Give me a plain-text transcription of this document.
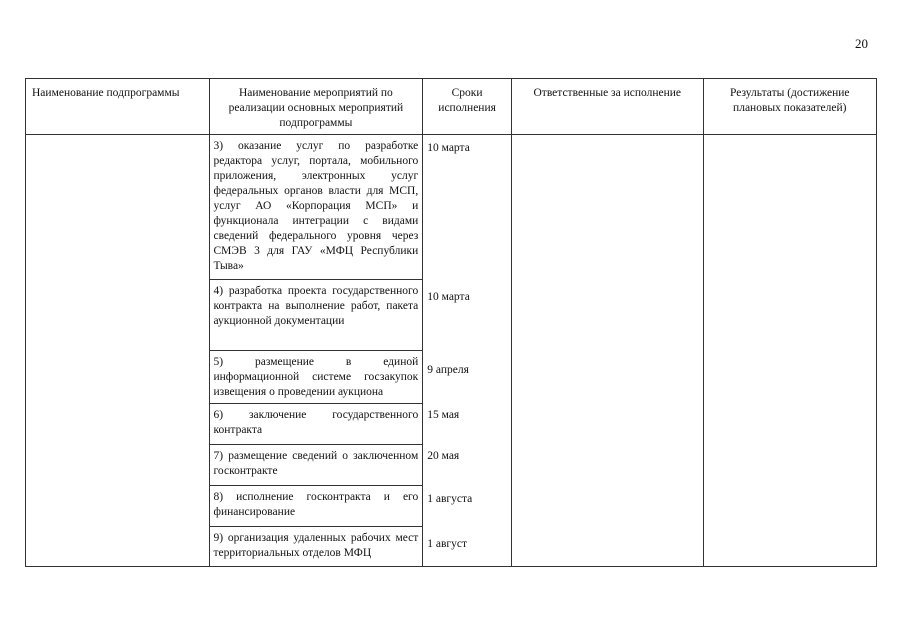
20
Наименование подпрограммы	Наименование мероприятий по реализации основных мероприятий подпрограммы	Сроки исполнения	Ответственные за исполнение	Результаты (достижение плановых показателей)
	3) оказание услуг по разработке редактора услуг, портала, мобильного приложения, электронных услуг федеральных органов власти для МСП, услуг АО «Корпорация МСП» и функционала интеграции с видами сведений федерального уровня через СМЭВ 3 для ГАУ «МФЦ Республики Тыва»	10 марта		

	4) разработка проекта государственного контракта на выполнение работ, пакета аукционной документации	10 марта		

	5) размещение в единой информационной системе госзакупок извещения о проведении аукциона	9 апреля		

	6) заключение государственного контракта	15 мая		

	7) размещение сведений о заключенном госконтракте	20 мая		

	8) исполнение госконтракта и его финансирование	1 августа		

	9) организация удаленных рабочих мест территориальных отделов МФЦ	1 август		
